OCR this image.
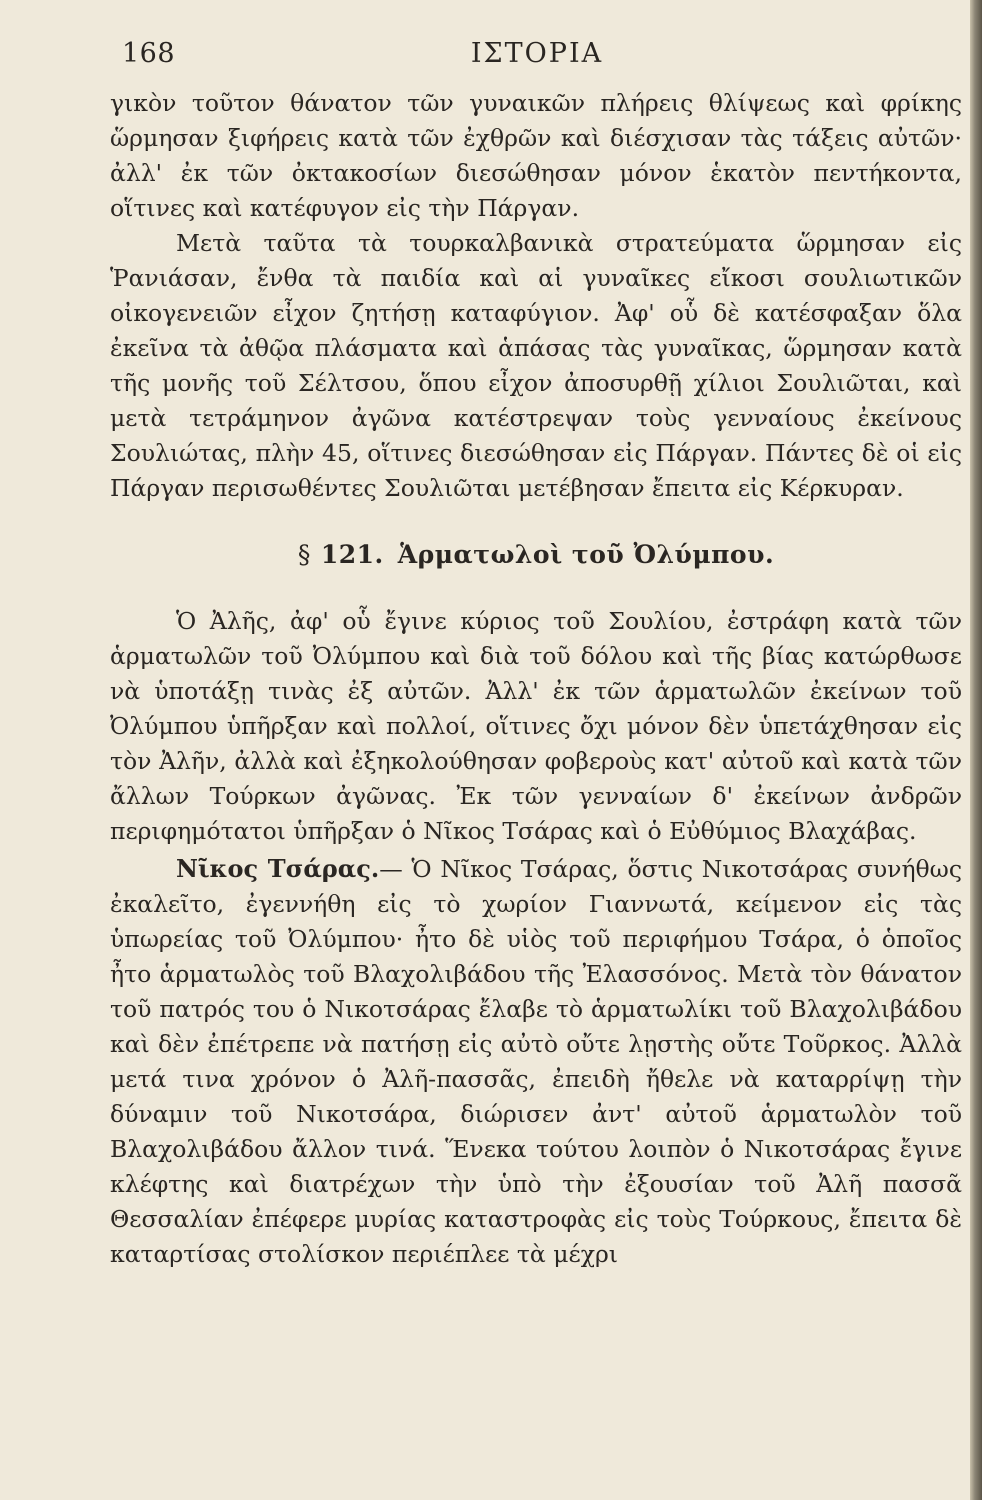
168	ΙΣΤΟΡΙΑ

γικὸν τοῦτον θάνατον τῶν γυναικῶν πλήρεις θλίψεως καὶ φρίκης ὥρμησαν ξιφήρεις κατὰ τῶν ἐχθρῶν καὶ διέσχισαν τὰς τάξεις αὐτῶν· ἀλλ' ἐκ τῶν ὀκτακοσίων διεσώθησαν μόνον ἑκατὸν πεντήκοντα, οἵτινες καὶ κατέφυγον εἰς τὴν Πάργαν.

Μετὰ ταῦτα τὰ τουρκαλβανικὰ στρατεύματα ὥρμησαν εἰς Ῥανιάσαν, ἔνθα τὰ παιδία καὶ αἱ γυναῖκες εἴκοσι σουλιωτικῶν οἰκογενειῶν εἶχον ζητήσῃ καταφύγιον. Ἀφ' οὗ δὲ κατέσφαξαν ὅλα ἐκεῖνα τὰ ἀθῷα πλάσματα καὶ ἁπάσας τὰς γυναῖκας, ὥρμησαν κατὰ τῆς μονῆς τοῦ Σέλτσου, ὅπου εἶχον ἀποσυρθῇ χίλιοι Σουλιῶται, καὶ μετὰ τετράμηνον ἀγῶνα κατέστρεψαν τοὺς γενναίους ἐκείνους Σουλιώτας, πλὴν 45, οἵτινες διεσώθησαν εἰς Πάργαν. Πάντες δὲ οἱ εἰς Πάργαν περισωθέντες Σουλιῶται μετέβησαν ἔπειτα εἰς Κέρκυραν.

§ 121. Ἁρματωλοὶ τοῦ Ὀλύμπου.

Ὁ Ἀλῆς, ἀφ' οὗ ἔγινε κύριος τοῦ Σουλίου, ἐστράφη κατὰ τῶν ἁρματωλῶν τοῦ Ὀλύμπου καὶ διὰ τοῦ δόλου καὶ τῆς βίας κατώρθωσε νὰ ὑποτάξῃ τινὰς ἐξ αὐτῶν. Ἀλλ' ἐκ τῶν ἁρματωλῶν ἐκείνων τοῦ Ὀλύμπου ὑπῆρξαν καὶ πολλοί, οἵτινες ὄχι μόνον δὲν ὑπετάχθησαν εἰς τὸν Ἀλῆν, ἀλλὰ καὶ ἐξηκολούθησαν φοβεροὺς κατ' αὐτοῦ καὶ κατὰ τῶν ἄλλων Τούρκων ἀγῶνας. Ἐκ τῶν γενναίων δ' ἐκείνων ἀνδρῶν περιφημότατοι ὑπῆρξαν ὁ Νῖκος Τσάρας καὶ ὁ Εὐθύμιος Βλαχάβας.

Νῖκος Τσάρας.— Ὁ Νῖκος Τσάρας, ὅστις Νικοτσάρας συνήθως ἐκαλεῖτο, ἐγεννήθη εἰς τὸ χωρίον Γιαννωτά, κείμενον εἰς τὰς ὑπωρείας τοῦ Ὀλύμπου· ἦτο δὲ υἱὸς τοῦ περιφήμου Τσάρα, ὁ ὁποῖος ἦτο ἁρματωλὸς τοῦ Βλαχολιβάδου τῆς Ἐλασσόνος. Μετὰ τὸν θάνατον τοῦ πατρός του ὁ Νικοτσάρας ἔλαβε τὸ ἁρματωλίκι τοῦ Βλαχολιβάδου καὶ δὲν ἐπέτρεπε νὰ πατήσῃ εἰς αὐτὸ οὔτε λῃστὴς οὔτε Τοῦρκος. Ἀλλὰ μετά τινα χρόνον ὁ Ἀλῆ-πασσᾶς, ἐπειδὴ ἤθελε νὰ καταρρίψῃ τὴν δύναμιν τοῦ Νικοτσάρα, διώρισεν ἀντ' αὐτοῦ ἁρματωλὸν τοῦ Βλαχολιβάδου ἄλλον τινά. Ἕνεκα τούτου λοιπὸν ὁ Νικοτσάρας ἔγινε κλέφτης καὶ διατρέχων τὴν ὑπὸ τὴν ἐξουσίαν τοῦ Ἀλῆ πασσᾶ Θεσσαλίαν ἐπέφερε μυρίας καταστροφὰς εἰς τοὺς Τούρκους, ἔπειτα δὲ καταρτίσας στολίσκον περιέπλεε τὰ μέχρι
